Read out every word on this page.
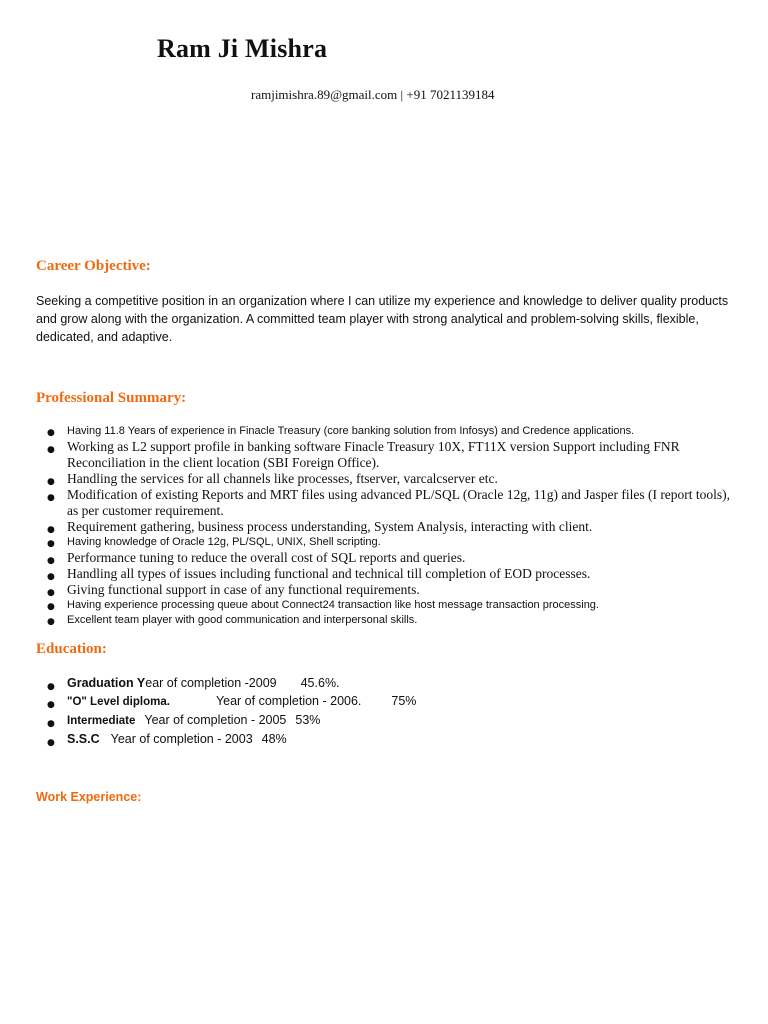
Ram Ji Mishra
ramjimishra.89@gmail.com | +91 7021139184
Career Objective:

Seeking a competitive position in an organization where I can utilize my experience and knowledge to deliver quality products and grow along with the organization. A committed team player with strong analytical and problem-solving skills, flexible, dedicated, and adaptive.

Professional Summary:
● Having 11.8 Years of experience in Finacle Treasury (core banking solution from Infosys) and Credence applications.
● Working as L2 support profile in banking software Finacle Treasury 10X, FT11X version Support including FNR Reconciliation in the client location (SBI Foreign Office).
● Handling the services for all channels like processes, ftserver, varcalcserver etc.
● Modification of existing Reports and MRT files using advanced PL/SQL (Oracle 12g, 11g) and Jasper files (I report tools), as per customer requirement.
● Requirement gathering, business process understanding, System Analysis, interacting with client.
● Having knowledge of Oracle 12g, PL/SQL, UNIX, Shell scripting.
● Performance tuning to reduce the overall cost of SQL reports and queries.
● Handling all types of issues including functional and technical till completion of EOD processes.
● Giving functional support in case of any functional requirements.
● Having experience processing queue about Connect24 transaction like host message transaction processing.
● Excellent team player with good communication and interpersonal skills.
Education:
● Graduation Year of completion -2009 45.6%.
● "O" Level diploma.	Year of completion - 2006. 75%
● Intermediate Year of completion - 2005 53%
● S.S.C Year of completion - 2003 48%
Work Experience:
